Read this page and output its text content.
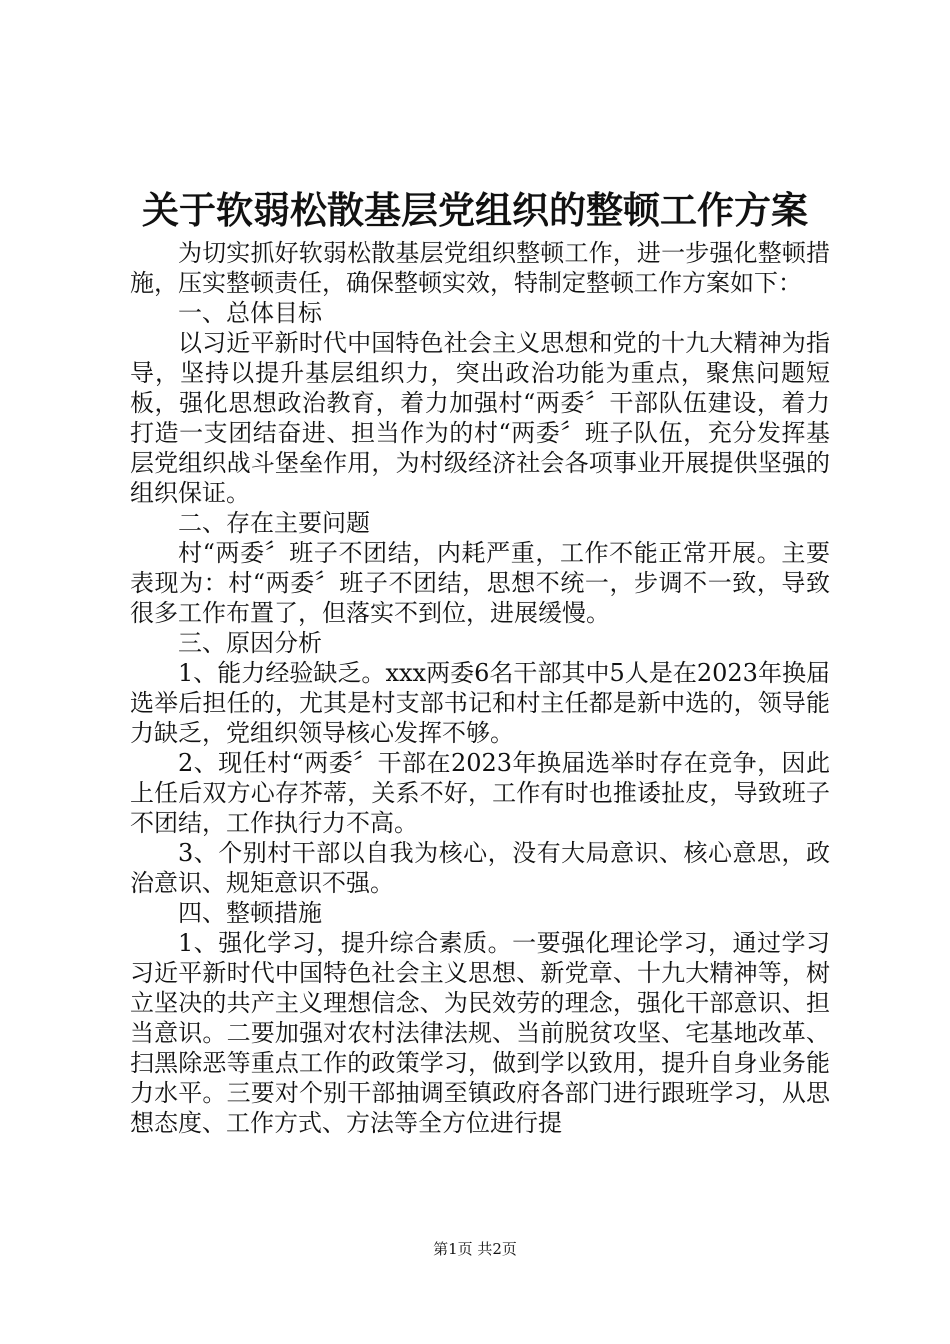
关于软弱松散基层党组织的整顿工作方案

为切实抓好软弱松散基层党组织整顿工作，进一步强化整顿措施，压实整顿责任，确保整顿实效，特制定整顿工作方案如下：

一、总体目标

以习近平新时代中国特色社会主义思想和党的十九大精神为指导，坚持以提升基层组织力，突出政治功能为重点，聚焦问题短板，强化思想政治教育，着力加强村“两委〞干部队伍建设，着力打造一支团结奋进、担当作为的村“两委〞班子队伍，充分发挥基层党组织战斗堡垒作用，为村级经济社会各项事业开展提供坚强的组织保证。

二、存在主要问题

村“两委〞班子不团结，内耗严重，工作不能正常开展。主要表现为：村“两委〞班子不团结，思想不统一，步调不一致，导致很多工作布置了，但落实不到位，进展缓慢。

三、原因分析

1、能力经验缺乏。xxx两委6名干部其中5人是在2023年换届选举后担任的，尤其是村支部书记和村主任都是新中选的，领导能力缺乏，党组织领导核心发挥不够。

2、现任村“两委〞干部在2023年换届选举时存在竞争，因此上任后双方心存芥蒂，关系不好，工作有时也推诿扯皮，导致班子不团结，工作执行力不高。

3、个别村干部以自我为核心，没有大局意识、核心意思，政治意识、规矩意识不强。

四、整顿措施

1、强化学习，提升综合素质。一要强化理论学习，通过学习习近平新时代中国特色社会主义思想、新党章、十九大精神等，树立坚决的共产主义理想信念、为民效劳的理念，强化干部意识、担当意识。二要加强对农村法律法规、当前脱贫攻坚、宅基地改革、扫黑除恶等重点工作的政策学习，做到学以致用，提升自身业务能力水平。三要对个别干部抽调至镇政府各部门进行跟班学习，从思想态度、工作方式、方法等全方位进行提

第1页 共2页
